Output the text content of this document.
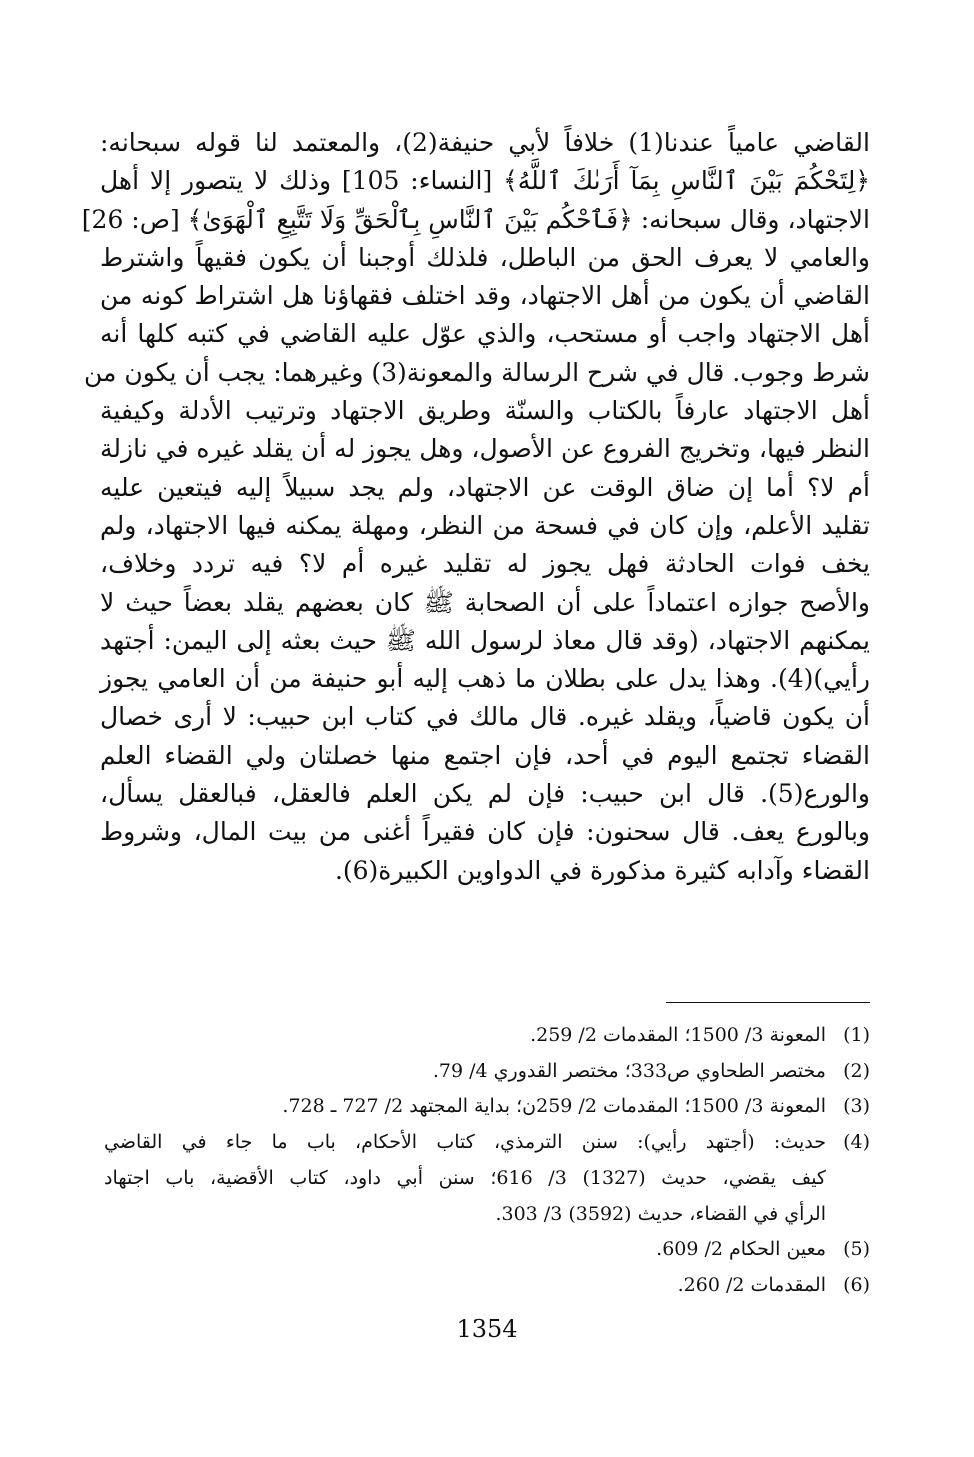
القاضي عامياً عندنا(1) خلافاً لأبي حنيفة(2)، والمعتمد لنا قوله سبحانه:
﴿لِتَحْكُمَ بَيْنَ ٱلنَّاسِ بِمَآ أَرَىٰكَ ٱللَّهُ﴾ [النساء: 105] وذلك لا يتصور إلا أهل
الاجتهاد، وقال سبحانه: ﴿فَٱحْكُم بَيْنَ ٱلنَّاسِ بِٱلْحَقِّ وَلَا تَتَّبِعِ ٱلْهَوَىٰ﴾ [ص: 26]
والعامي لا يعرف الحق من الباطل، فلذلك أوجبنا أن يكون فقيهاً واشترط
القاضي أن يكون من أهل الاجتهاد، وقد اختلف فقهاؤنا هل اشتراط كونه من
أهل الاجتهاد واجب أو مستحب، والذي عوّل عليه القاضي في كتبه كلها أنه
شرط وجوب. قال في شرح الرسالة والمعونة(3) وغيرهما: يجب أن يكون من
أهل الاجتهاد عارفاً بالكتاب والسنّة وطريق الاجتهاد وترتيب الأدلة وكيفية
النظر فيها، وتخريج الفروع عن الأصول، وهل يجوز له أن يقلد غيره في نازلة
أم لا؟ أما إن ضاق الوقت عن الاجتهاد، ولم يجد سبيلاً إليه فيتعين عليه
تقليد الأعلم، وإن كان في فسحة من النظر، ومهلة يمكنه فيها الاجتهاد، ولم
يخف فوات الحادثة فهل يجوز له تقليد غيره أم لا؟ فيه تردد وخلاف،
والأصح جوازه اعتماداً على أن الصحابة ﷺ كان بعضهم يقلد بعضاً حيث لا
يمكنهم الاجتهاد، (وقد قال معاذ لرسول الله ﷺ حيث بعثه إلى اليمن: أجتهد
رأيي)(4). وهذا يدل على بطلان ما ذهب إليه أبو حنيفة من أن العامي يجوز
أن يكون قاضياً، ويقلد غيره. قال مالك في كتاب ابن حبيب: لا أرى خصال
القضاء تجتمع اليوم في أحد، فإن اجتمع منها خصلتان ولي القضاء العلم
والورع(5). قال ابن حبيب: فإن لم يكن العلم فالعقل، فبالعقل يسأل،
وبالورع يعف. قال سحنون: فإن كان فقيراً أغنى من بيت المال، وشروط
القضاء وآدابه كثيرة مذكورة في الدواوين الكبيرة(6).
(1)
المعونة 3/ 1500؛ المقدمات 2/ 259.
(2)
مختصر الطحاوي ص333؛ مختصر القدوري 4/ 79.
(3)
المعونة 3/ 1500؛ المقدمات 2/ 259ن؛ بداية المجتهد 2/ 727 ـ 728.
(4)
حديث: (أجتهد رأيي): سنن الترمذي، كتاب الأحكام، باب ما جاء في القاضي
كيف يقضي، حديث (1327) 3/ 616؛ سنن أبي داود، كتاب الأقضية، باب اجتهاد
الرأي في القضاء، حديث (3592) 3/ 303.
(5)
معين الحكام 2/ 609.
(6)
المقدمات 2/ 260.
1354
